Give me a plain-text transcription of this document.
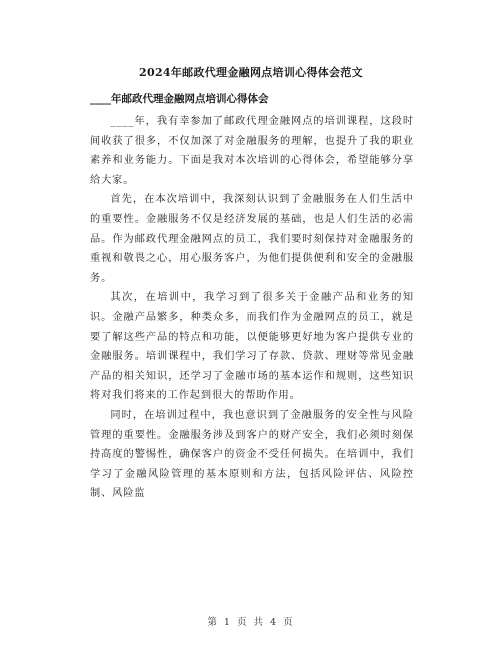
2024年邮政代理金融网点培训心得体会范文
____年邮政代理金融网点培训心得体会

____年，我有幸参加了邮政代理金融网点的培训课程，这段时间收获了很多，不仅加深了对金融服务的理解，也提升了我的职业素养和业务能力。下面是我对本次培训的心得体会，希望能够分享给大家。

首先，在本次培训中，我深刻认识到了金融服务在人们生活中的重要性。金融服务不仅是经济发展的基础，也是人们生活的必需品。作为邮政代理金融网点的员工，我们要时刻保持对金融服务的重视和敬畏之心，用心服务客户，为他们提供便利和安全的金融服务。

其次，在培训中，我学习到了很多关于金融产品和业务的知识。金融产品繁多，种类众多，而我们作为金融网点的员工，就是要了解这些产品的特点和功能，以便能够更好地为客户提供专业的金融服务。培训课程中，我们学习了存款、贷款、理财等常见金融产品的相关知识，还学习了金融市场的基本运作和规则，这些知识将对我们将来的工作起到很大的帮助作用。

同时，在培训过程中，我也意识到了金融服务的安全性与风险管理的重要性。金融服务涉及到客户的财产安全，我们必须时刻保持高度的警惕性，确保客户的资金不受任何损失。在培训中，我们学习了金融风险管理的基本原则和方法，包括风险评估、风险控制、风险监

第 1 页 共 4 页
